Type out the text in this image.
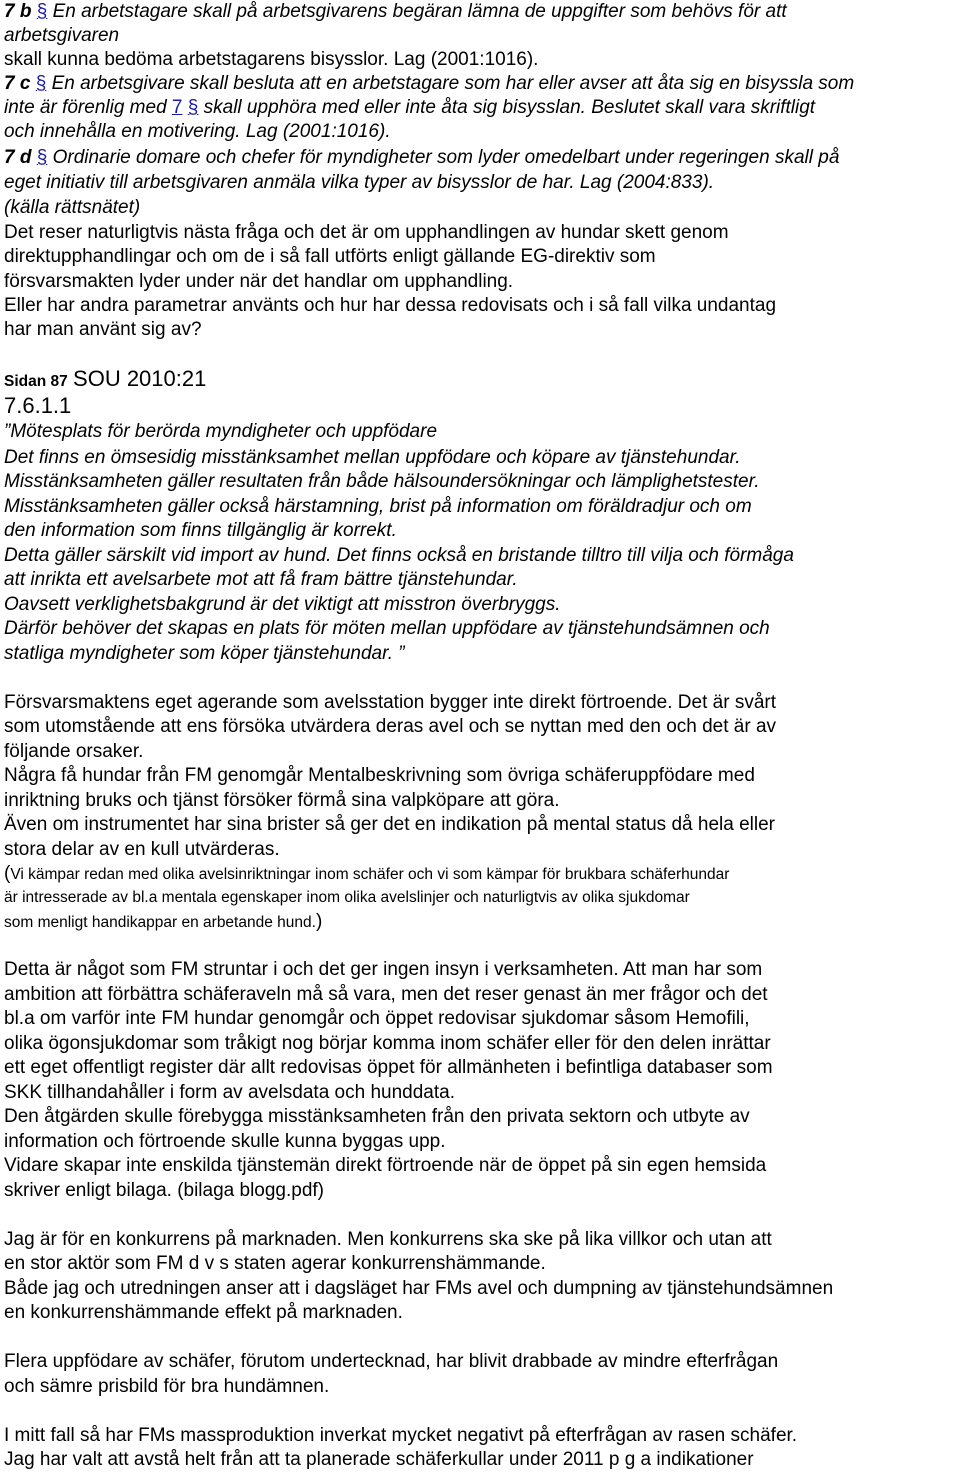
7 b § En arbetstagare skall på arbetsgivarens begäran lämna de uppgifter som behövs för att
arbetsgivaren
skall kunna bedöma arbetstagarens bisysslor. Lag (2001:1016).
7 c § En arbetsgivare skall besluta att en arbetstagare som har eller avser att åta sig en bisyssla som
inte är förenlig med 7 § skall upphöra med eller inte åta sig bisysslan. Beslutet skall vara skriftligt
och innehålla en motivering. Lag (2001:1016).
7 d § Ordinarie domare och chefer för myndigheter som lyder omedelbart under regeringen skall på
eget initiativ till arbetsgivaren anmäla vilka typer av bisysslor de har. Lag (2004:833).
(källa rättsnätet)
Det reser naturligtvis nästa fråga och det är om upphandlingen av hundar skett genom
direktupphandlingar och om de i så fall utförts enligt gällande EG-direktiv som
försvarsmakten lyder under när det handlar om upphandling.
Eller har andra parametrar använts och hur har dessa redovisats och i så fall vilka undantag
har man använt sig av?
Sidan 87 SOU 2010:21
7.6.1.1
”Mötesplats för berörda myndigheter och uppfödare
Det finns en ömsesidig misstänksamhet mellan uppfödare och köpare av tjänstehundar.
Misstänksamheten gäller resultaten från både hälsoundersökningar och lämplighetstester.
Misstänksamheten gäller också härstamning, brist på information om föräldradjur och om
den information som finns tillgänglig är korrekt.
Detta gäller särskilt vid import av hund. Det finns också en bristande tilltro till vilja och förmåga
att inrikta ett avelsarbete mot att få fram bättre tjänstehundar.
Oavsett verklighetsbakgrund är det viktigt att misstron överbryggs.
Därför behöver det skapas en plats för möten mellan uppfödare av tjänstehundsämnen och
statliga myndigheter som köper tjänstehundar. ”
Försvarsmaktens eget agerande som avelsstation bygger inte direkt förtroende. Det är svårt
som utomstående att ens försöka utvärdera deras avel och se nyttan med den och det är av
följande orsaker.
Några få hundar från FM genomgår Mentalbeskrivning som övriga schäferuppfödare med
inriktning bruks och tjänst försöker förmå sina valpköpare att göra.
Även om instrumentet har sina brister så ger det en indikation på mental status då hela eller
stora delar av en kull utvärderas.
(Vi kämpar redan med olika avelsinriktningar inom schäfer och vi som kämpar för brukbara schäferhundar
är intresserade av bl.a mentala egenskaper inom olika avelslinjer och naturligtvis av olika sjukdomar
som menligt handikappar en arbetande hund.)
Detta är något som FM struntar i och det ger ingen insyn i verksamheten. Att man har som
ambition att förbättra schäferaveln må så vara, men det reser genast än mer frågor och det
bl.a om varför inte FM hundar genomgår och öppet redovisar sjukdomar såsom Hemofili,
olika ögonsjukdomar som tråkigt nog börjar komma inom schäfer eller för den delen inrättar
ett eget offentligt register där allt redovisas öppet för allmänheten i befintliga databaser som
SKK tillhandahåller i form av avelsdata och hunddata.
Den åtgärden skulle förebygga misstänksamheten från den privata sektorn och utbyte av
information och förtroende skulle kunna byggas upp.
Vidare skapar inte enskilda tjänstemän direkt förtroende när de öppet på sin egen hemsida
skriver enligt bilaga. (bilaga blogg.pdf)
Jag är för en konkurrens på marknaden. Men konkurrens ska ske på lika villkor och utan att
en stor aktör som FM d v s staten agerar konkurrenshämmande.
Både jag och utredningen anser att i dagsläget har FMs avel och dumpning av tjänstehundsämnen
en konkurrenshämmande effekt på marknaden.
Flera uppfödare av schäfer, förutom undertecknad, har blivit drabbade av mindre efterfrågan
och sämre prisbild för bra hundämnen.
I mitt fall så har FMs massproduktion inverkat mycket negativt på efterfrågan av rasen schäfer.
Jag har valt att avstå helt från att ta planerade schäferkullar under 2011 p g a indikationer
